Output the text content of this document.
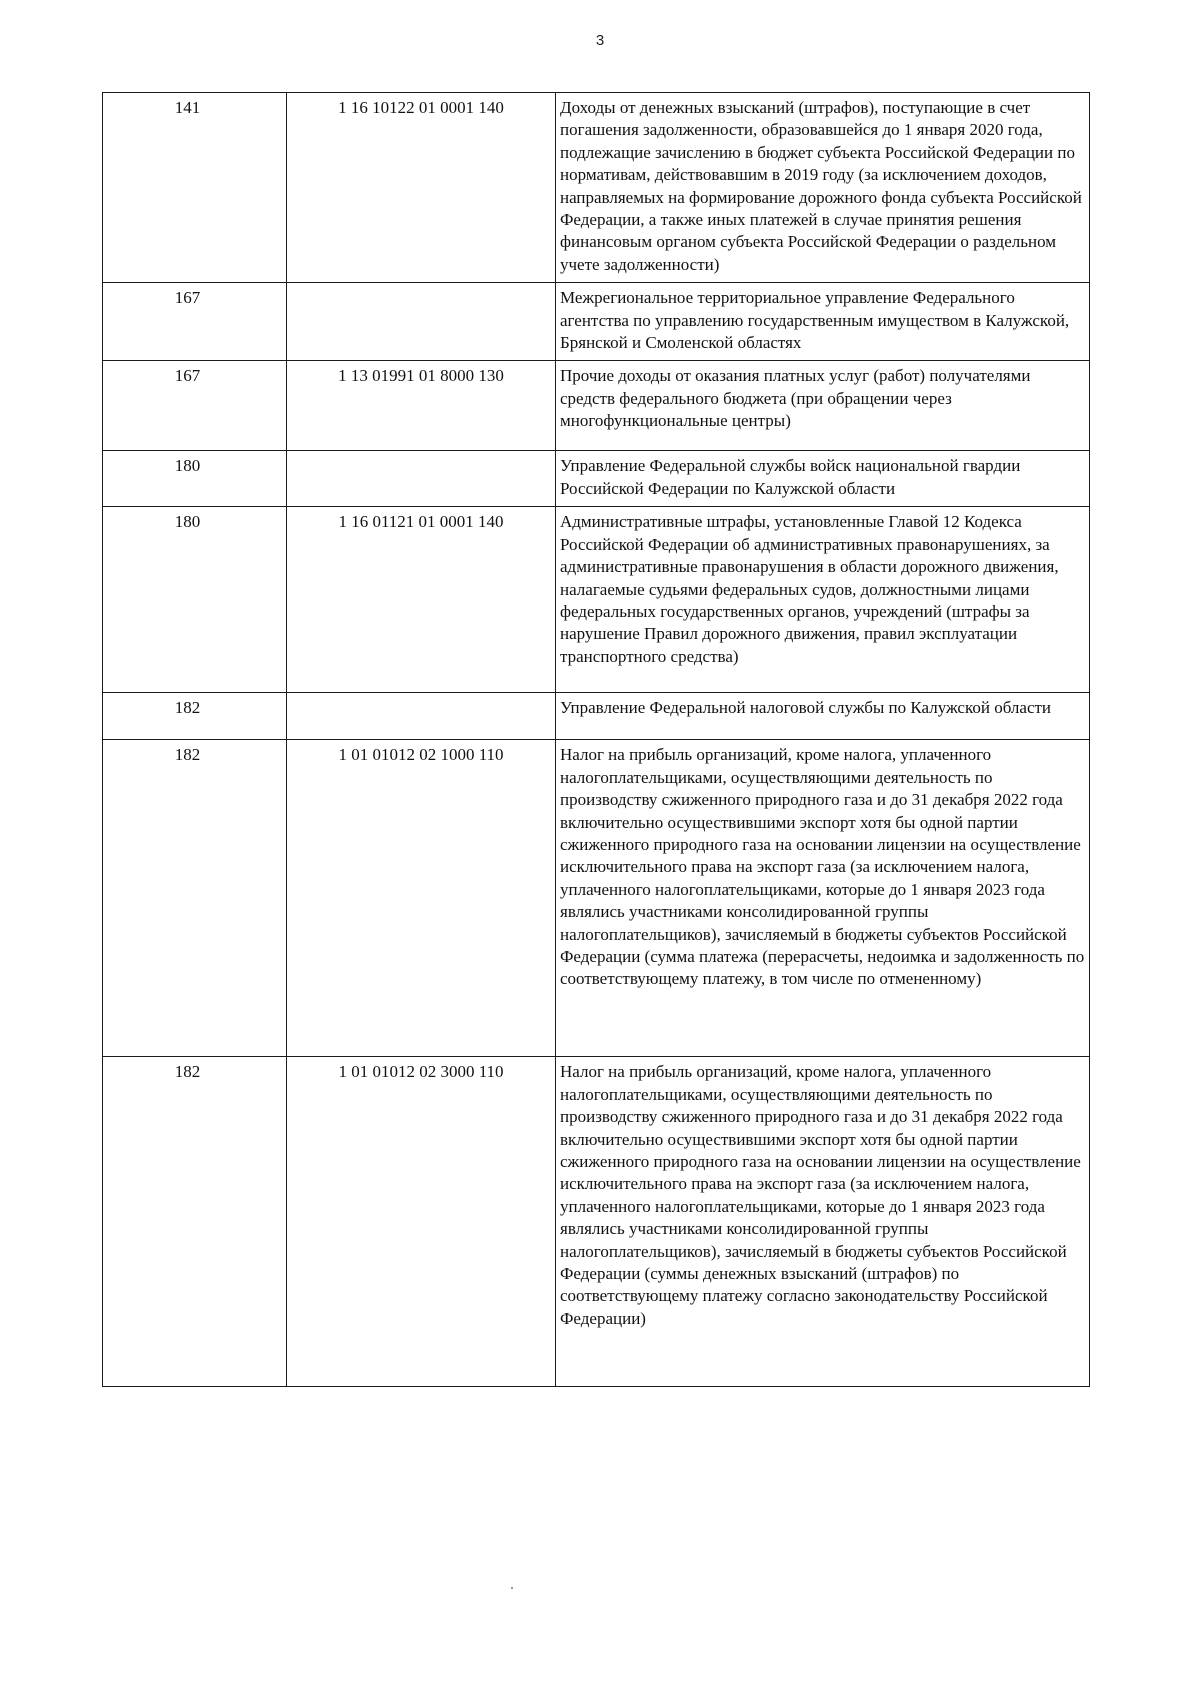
3
141	1 16 10122 01 0001 140	Доходы от денежных взысканий (штрафов), поступающие в счет погашения задолженности, образовавшейся до 1 января 2020 года, подлежащие зачислению в бюджет субъекта Российской Федерации по нормативам, действовавшим в 2019 году (за исключением доходов, направляемых на формирование дорожного фонда субъекта Российской Федерации, а также иных платежей в случае принятия решения финансовым органом субъекта Российской Федерации о раздельном учете задолженности)
167		Межрегиональное территориальное управление Федерального агентства по управлению государственным имуществом в Калужской, Брянской и Смоленской областях
167	1 13 01991 01 8000 130	Прочие доходы от оказания платных услуг (работ) получателями средств федерального бюджета (при обращении через многофункциональные центры)
180		Управление Федеральной службы войск национальной гвардии Российской Федерации по Калужской области
180	1 16 01121 01 0001 140	Административные штрафы, установленные Главой 12 Кодекса Российской Федерации об административных правонарушениях, за административные правонарушения в области дорожного движения, налагаемые судьями федеральных судов, должностными лицами федеральных государственных органов, учреждений (штрафы за нарушение Правил дорожного движения, правил эксплуатации транспортного средства)
182		Управление Федеральной налоговой службы по Калужской области
182	1 01 01012 02 1000 110	Налог на прибыль организаций, кроме налога, уплаченного налогоплательщиками, осуществляющими деятельность по производству сжиженного природного газа и до 31 декабря 2022 года включительно осуществившими экспорт хотя бы одной партии сжиженного природного газа на основании лицензии на осуществление исключительного права на экспорт газа (за исключением налога, уплаченного налогоплательщиками, которые до 1 января 2023 года являлись участниками консолидированной группы налогоплательщиков), зачисляемый в бюджеты субъектов Российской Федерации (сумма платежа (перерасчеты, недоимка и задолженность по соответствующему платежу, в том числе по отмененному)
182	1 01 01012 02 3000 110	Налог на прибыль организаций, кроме налога, уплаченного налогоплательщиками, осуществляющими деятельность по производству сжиженного природного газа и до 31 декабря 2022 года включительно осуществившими экспорт хотя бы одной партии сжиженного природного газа на основании лицензии на осуществление исключительного права на экспорт газа (за исключением налога, уплаченного налогоплательщиками, которые до 1 января 2023 года являлись участниками консолидированной группы налогоплательщиков), зачисляемый в бюджеты субъектов Российской Федерации (суммы денежных взысканий (штрафов) по соответствующему платежу согласно законодательству Российской Федерации)
